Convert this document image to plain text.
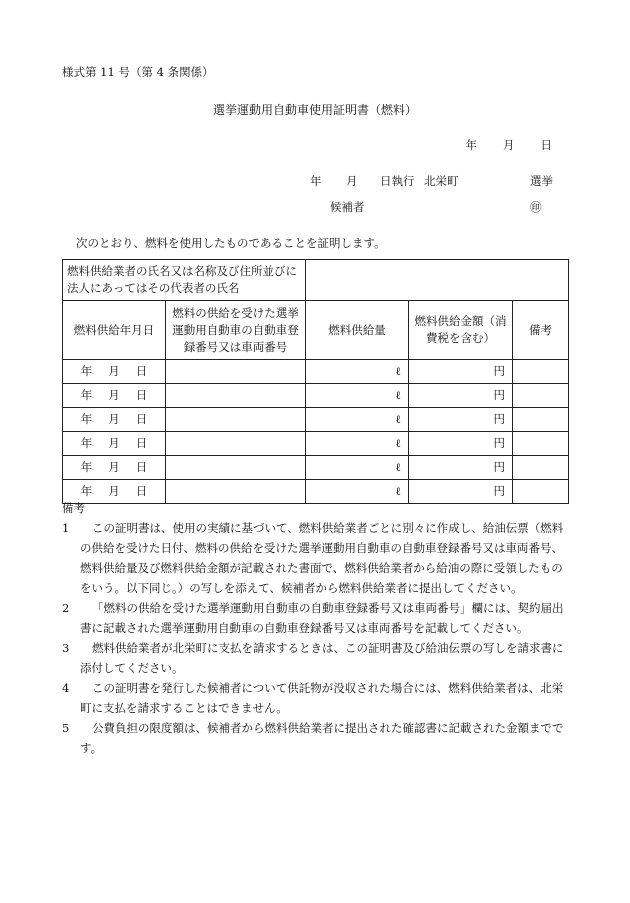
様式第 11 号（第 4 条関係）
選挙運動用自動車使用証明書（燃料）
年 月 日
年 月 日執行 北栄町	選挙
候補者	㊞
次のとおり、燃料を使用したものであることを証明します。
燃料供給業者の氏名又は名称及び住所並びに法人にあってはその代表者の氏名				
燃料供給年月日	燃料の供給を受けた選挙運動用自動車の自動車登録番号又は車両番号	燃料供給量	燃料供給金額（消費税を含む）	備考
年 月 日		ℓ	円	
年 月 日		ℓ	円	
年 月 日		ℓ	円	
年 月 日		ℓ	円	
年 月 日		ℓ	円	
年 月 日		ℓ	円	
備考
1	この証明書は、使用の実績に基づいて、燃料供給業者ごとに別々に作成し、給油伝票（燃料の供給を受けた日付、燃料の供給を受けた選挙運動用自動車の自動車登録番号又は車両番号、燃料供給量及び燃料供給金額が記載された書面で、燃料供給業者から給油の際に受領したものをいう。以下同じ。）の写しを添えて、候補者から燃料供給業者に提出してください。
2	「燃料の供給を受けた選挙運動用自動車の自動車登録番号又は車両番号」欄には、契約届出書に記載された選挙運動用自動車の自動車登録番号又は車両番号を記載してください。
3	燃料供給業者が北栄町に支払を請求するときは、この証明書及び給油伝票の写しを請求書に添付してください。
4	この証明書を発行した候補者について供託物が没収された場合には、燃料供給業者は、北栄町に支払を請求することはできません。
5	公費負担の限度額は、候補者から燃料供給業者に提出された確認書に記載された金額までです。
